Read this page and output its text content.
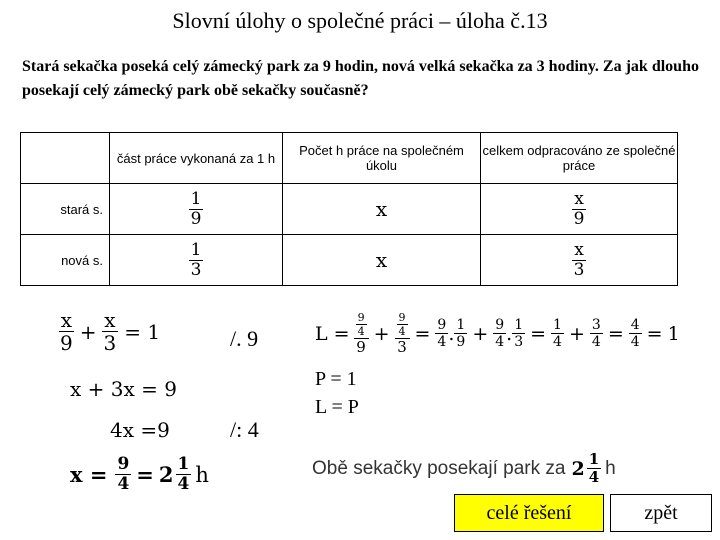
Slovní úlohy o společné práci – úloha č.13
Stará sekačka poseká celý zámecký park za 9 hodin, nová velká sekačka za 3 hodiny. Za jak dlouho posekají celý zámecký park obě sekačky současně?
	část práce vykonaná za 1 h	Počet h práce na společném úkolu	celkem odpracováno ze společné práce
stará s.	$\frac{1}{9}$	x	$\frac{x}{9}$

nová s.	$\frac{1}{3}$	x	$\frac{x}{3}$
$\frac{x}{9} + \frac{x}{3} = 1$	/. 9
x + 3x = 9
4x =9	/: 4
$x = \frac{9}{4} = 2 \frac{1}{4}$ h
$L = \frac{\frac{9}{4}}{9} + \frac{\frac{9}{4}}{3} = \frac{9}{4}$ . $\frac{1}{9} + \frac{9}{4}$ . $\frac{1}{3} = \frac{1}{4} + \frac{3}{4} = \frac{4}{4} = 1$
P = 1
L = P
Obě sekačky posekají park za $2 \frac{1}{4}$ h
celé řešení	zpět
